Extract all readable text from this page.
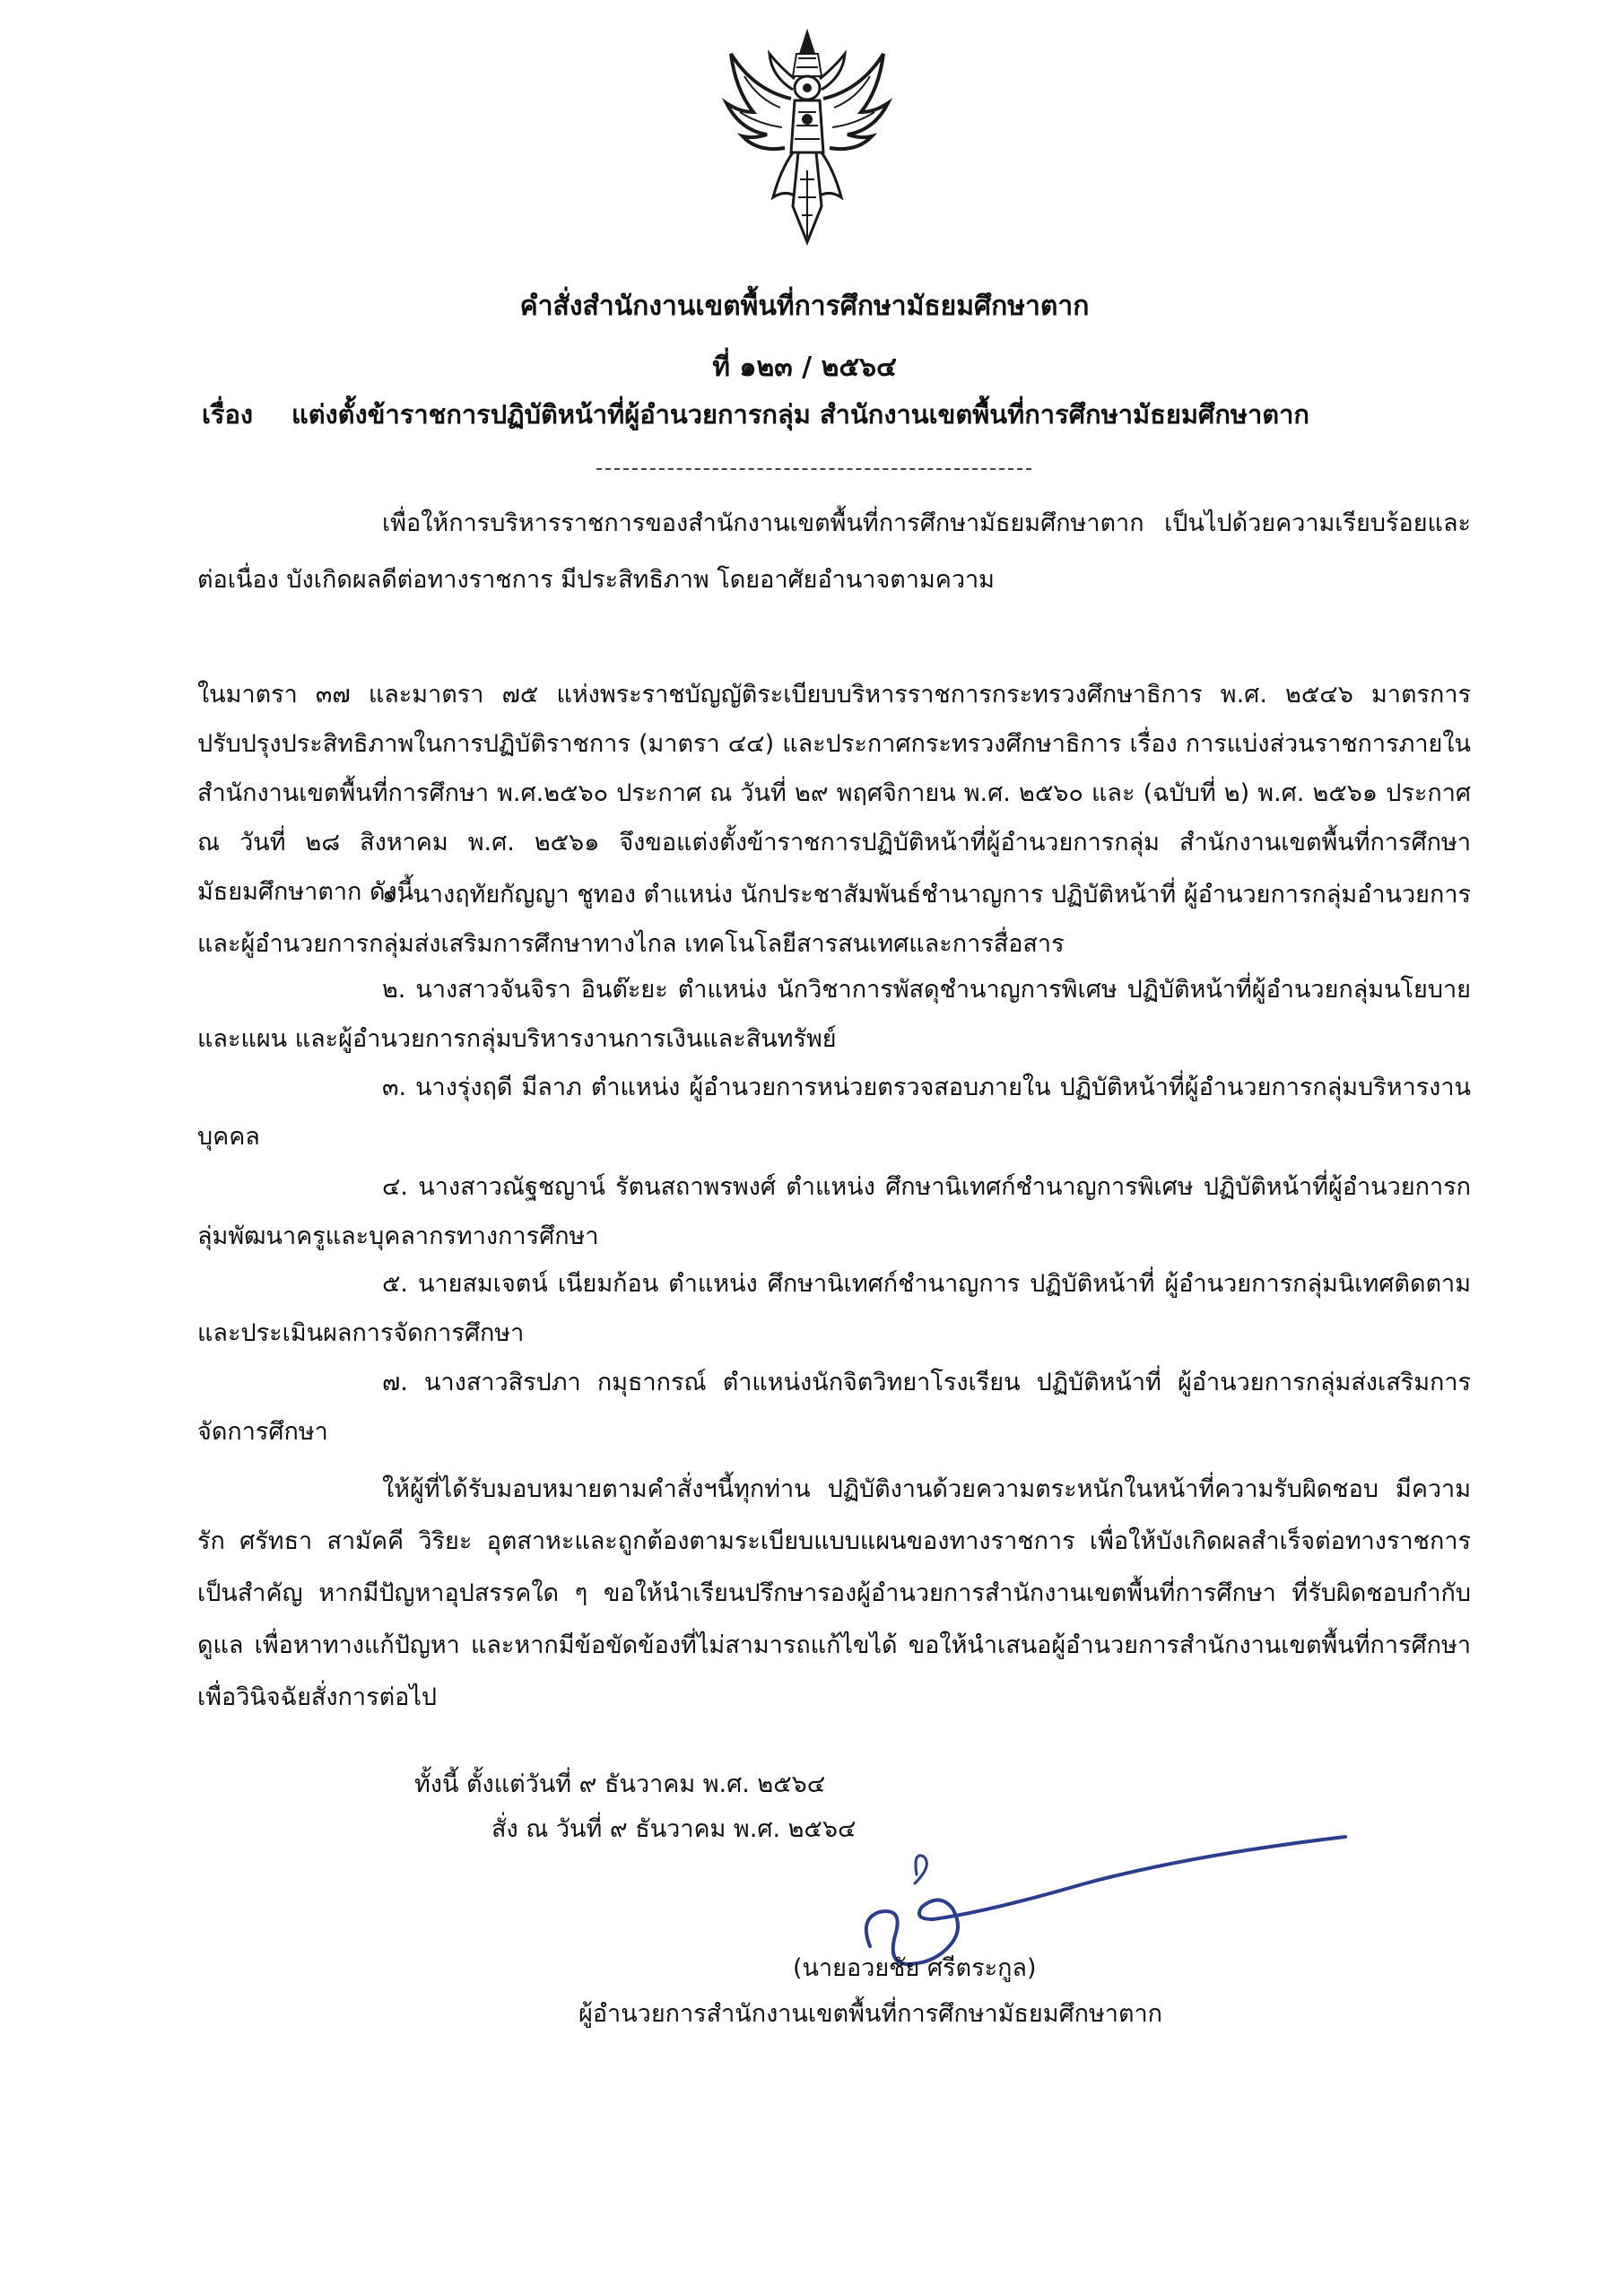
คำสั่งสำนักงานเขตพื้นที่การศึกษามัธยมศึกษาตาก
ที่ ๑๒๓ / ๒๕๖๔
เรื่อง แต่งตั้งข้าราชการปฏิบัติหน้าที่ผู้อำนวยการกลุ่ม สำนักงานเขตพื้นที่การศึกษามัธยมศึกษาตาก
เพื่อให้การบริหารราชการของสำนักงานเขตพื้นที่การศึกษามัธยมศึกษาตาก เป็นไปด้วยความเรียบร้อยและต่อเนื่อง บังเกิดผลดีต่อทางราชการ มีประสิทธิภาพ โดยอาศัยอำนาจตามความ
ในมาตรา ๓๗ และมาตรา ๗๕ แห่งพระราชบัญญัติระเบียบบริหารราชการกระทรวงศึกษาธิการ พ.ศ. ๒๕๔๖ มาตรการปรับปรุงประสิทธิภาพในการปฏิบัติราชการ (มาตรา ๔๔) และประกาศกระทรวงศึกษาธิการ เรื่อง การแบ่งส่วนราชการภายในสำนักงานเขตพื้นที่การศึกษา พ.ศ.๒๕๖๐ ประกาศ ณ วันที่ ๒๙ พฤศจิกายน พ.ศ. ๒๕๖๐ และ (ฉบับที่ ๒) พ.ศ. ๒๕๖๑ ประกาศ ณ วันที่ ๒๘ สิงหาคม พ.ศ. ๒๕๖๑ จึงขอแต่งตั้งข้าราชการปฏิบัติหน้าที่ผู้อำนวยการกลุ่ม สำนักงานเขตพื้นที่การศึกษามัธยมศึกษาตาก ดังนี้
๑. นางฤทัยกัญญา ชูทอง ตำแหน่ง นักประชาสัมพันธ์ชำนาญการ ปฏิบัติหน้าที่ ผู้อำนวยการกลุ่มอำนวยการ และผู้อำนวยการกลุ่มส่งเสริมการศึกษาทางไกล เทคโนโลยีสารสนเทศและการสื่อสาร
๒. นางสาวจันจิรา อินต๊ะยะ ตำแหน่ง นักวิชาการพัสดุชำนาญการพิเศษ ปฏิบัติหน้าที่ผู้อำนวยกลุ่มนโยบายและแผน และผู้อำนวยการกลุ่มบริหารงานการเงินและสินทรัพย์
๓. นางรุ่งฤดี มีลาภ ตำแหน่ง ผู้อำนวยการหน่วยตรวจสอบภายใน ปฏิบัติหน้าที่ผู้อำนวยการกลุ่มบริหารงานบุคคล
๔. นางสาวณัฐชญาน์ รัตนสถาพรพงศ์ ตำแหน่ง ศึกษานิเทศก์ชำนาญการพิเศษ ปฏิบัติหน้าที่ผู้อำนวยการกลุ่มพัฒนาครูและบุคลากรทางการศึกษา
๕. นายสมเจตน์ เนียมก้อน ตำแหน่ง ศึกษานิเทศก์ชำนาญการ ปฏิบัติหน้าที่ ผู้อำนวยการกลุ่มนิเทศติดตามและประเมินผลการจัดการศึกษา
๗. นางสาวสิรปภา กมุธากรณ์ ตำแหน่งนักจิตวิทยาโรงเรียน ปฏิบัติหน้าที่ ผู้อำนวยการกลุ่มส่งเสริมการจัดการศึกษา
ให้ผู้ที่ได้รับมอบหมายตามคำสั่งฯนี้ทุกท่าน ปฏิบัติงานด้วยความตระหนักในหน้าที่ความรับผิดชอบ มีความรัก ศรัทธา สามัคคี วิริยะ อุตสาหะและถูกต้องตามระเบียบแบบแผนของทางราชการ เพื่อให้บังเกิดผลสำเร็จต่อทางราชการเป็นสำคัญ หากมีปัญหาอุปสรรคใด ๆ ขอให้นำเรียนปรึกษารองผู้อำนวยการสำนักงานเขตพื้นที่การศึกษา ที่รับผิดชอบกำกับ ดูแล เพื่อหาทางแก้ปัญหา และหากมีข้อขัดข้องที่ไม่สามารถแก้ไขได้ ขอให้นำเสนอผู้อำนวยการสำนักงานเขตพื้นที่การศึกษา เพื่อวินิจฉัยสั่งการต่อไป
ทั้งนี้ ตั้งแต่วันที่ ๙ ธันวาคม พ.ศ. ๒๕๖๔
สั่ง ณ วันที่ ๙ ธันวาคม พ.ศ. ๒๕๖๔
(นายอวยชัย ศรีตระกูล)
ผู้อำนวยการสำนักงานเขตพื้นที่การศึกษามัธยมศึกษาตาก
